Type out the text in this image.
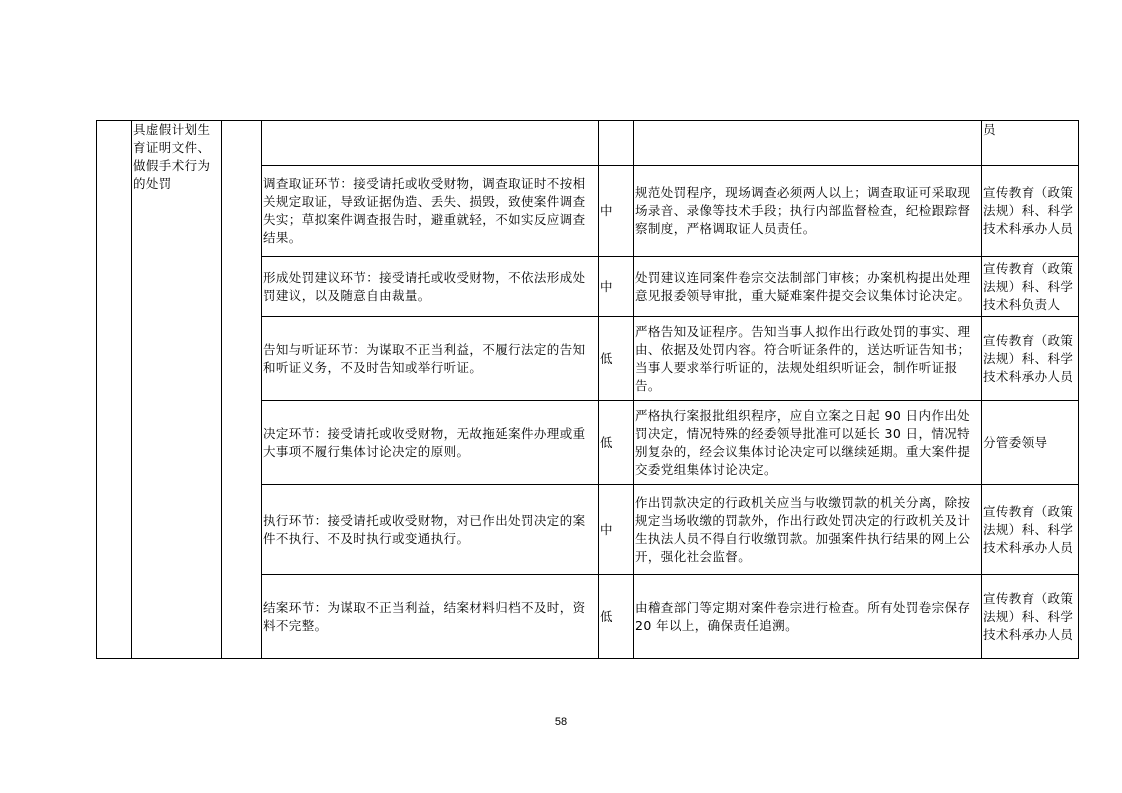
	具虚假计划生育证明文件、做假手术行为的处罚					员
			调查取证环节：接受请托或收受财物，调查取证时不按相关规定取证，导致证据伪造、丢失、损毁，致使案件调查失实；草拟案件调查报告时，避重就轻，不如实反应调查结果。	中	规范处罚程序，现场调查必须两人以上；调查取证可采取现场录音、录像等技术手段；执行内部监督检查，纪检跟踪督察制度，严格调取证人员责任。	宣传教育（政策法规）科、科学技术科承办人员
			形成处罚建议环节：接受请托或收受财物，不依法形成处罚建议，以及随意自由裁量。	中	处罚建议连同案件卷宗交法制部门审核；办案机构提出处理意见报委领导审批，重大疑难案件提交会议集体讨论决定。	宣传教育（政策法规）科、科学技术科负责人
			告知与听证环节：为谋取不正当利益，不履行法定的告知和听证义务，不及时告知或举行听证。	低	严格告知及证程序。告知当事人拟作出行政处罚的事实、理由、依据及处罚内容。符合听证条件的，送达听证告知书；当事人要求举行听证的，法规处组织听证会，制作听证报告。	宣传教育（政策法规）科、科学技术科承办人员
			决定环节：接受请托或收受财物，无故拖延案件办理或重大事项不履行集体讨论决定的原则。	低	严格执行案报批组织程序，应自立案之日起 90 日内作出处罚决定，情况特殊的经委领导批准可以延长 30 日，情况特别复杂的，经会议集体讨论决定可以继续延期。重大案件提交委党组集体讨论决定。	分管委领导
			执行环节：接受请托或收受财物，对已作出处罚决定的案件不执行、不及时执行或变通执行。	中	作出罚款决定的行政机关应当与收缴罚款的机关分离，除按规定当场收缴的罚款外，作出行政处罚决定的行政机关及计生执法人员不得自行收缴罚款。加强案件执行结果的网上公开，强化社会监督。	宣传教育（政策法规）科、科学技术科承办人员
			结案环节：为谋取不正当利益，结案材料归档不及时，资料不完整。	低	由稽查部门等定期对案件卷宗进行检查。所有处罚卷宗保存 20 年以上，确保责任追溯。	宣传教育（政策法规）科、科学技术科承办人员
58
